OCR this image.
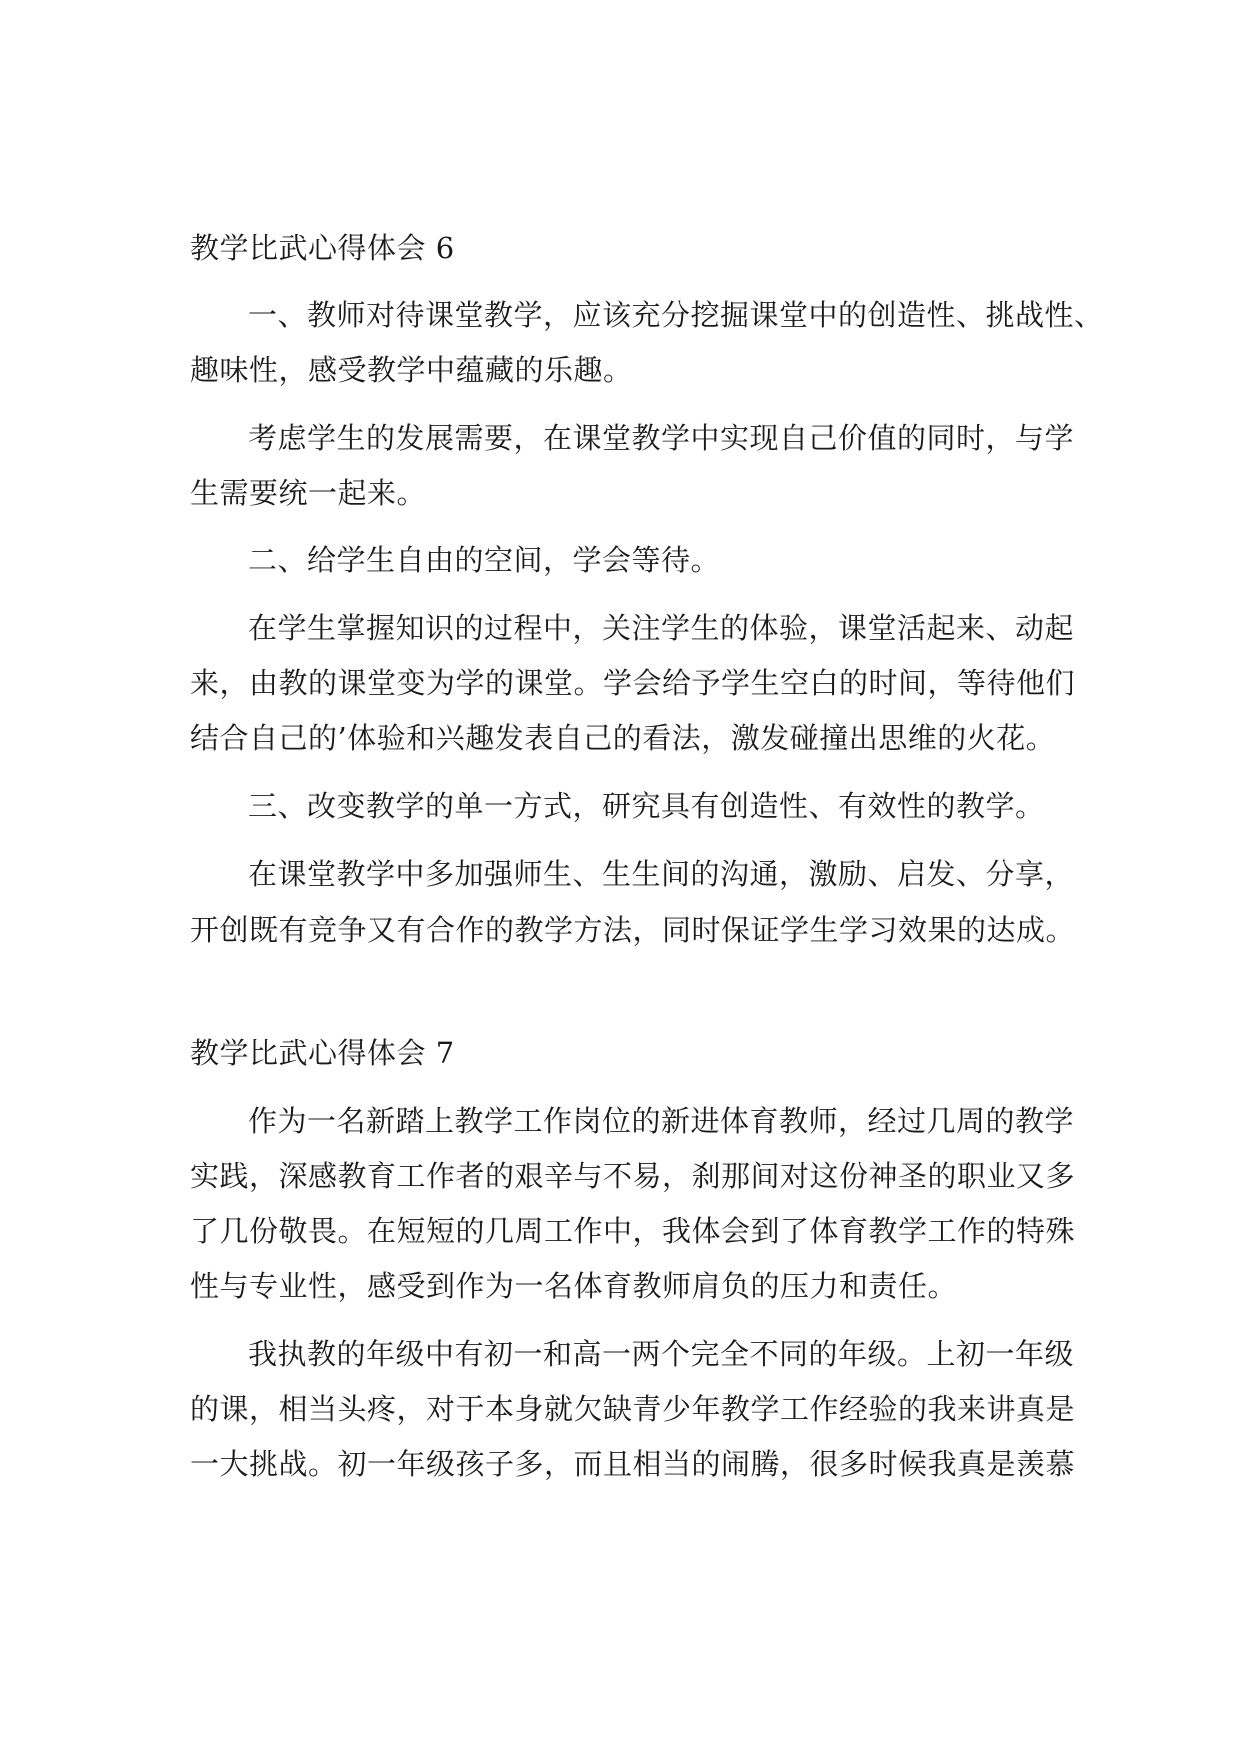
教学比武心得体会 6
一、教师对待课堂教学，应该充分挖掘课堂中的创造性、挑战性、
趣味性，感受教学中蕴藏的乐趣。
考虑学生的发展需要，在课堂教学中实现自己价值的同时，与学
生需要统一起来。
二、给学生自由的空间，学会等待。
在学生掌握知识的过程中，关注学生的体验，课堂活起来、动起
来，由教的课堂变为学的课堂。学会给予学生空白的时间，等待他们
结合自己的’体验和兴趣发表自己的看法，激发碰撞出思维的火花。
三、改变教学的单一方式，研究具有创造性、有效性的教学。
在课堂教学中多加强师生、生生间的沟通，激励、启发、分享，
开创既有竞争又有合作的教学方法，同时保证学生学习效果的达成。
教学比武心得体会 7
作为一名新踏上教学工作岗位的新进体育教师，经过几周的教学
实践，深感教育工作者的艰辛与不易，刹那间对这份神圣的职业又多
了几份敬畏。在短短的几周工作中，我体会到了体育教学工作的特殊
性与专业性，感受到作为一名体育教师肩负的压力和责任。
我执教的年级中有初一和高一两个完全不同的年级。上初一年级
的课，相当头疼，对于本身就欠缺青少年教学工作经验的我来讲真是
一大挑战。初一年级孩子多，而且相当的闹腾，很多时候我真是羡慕
